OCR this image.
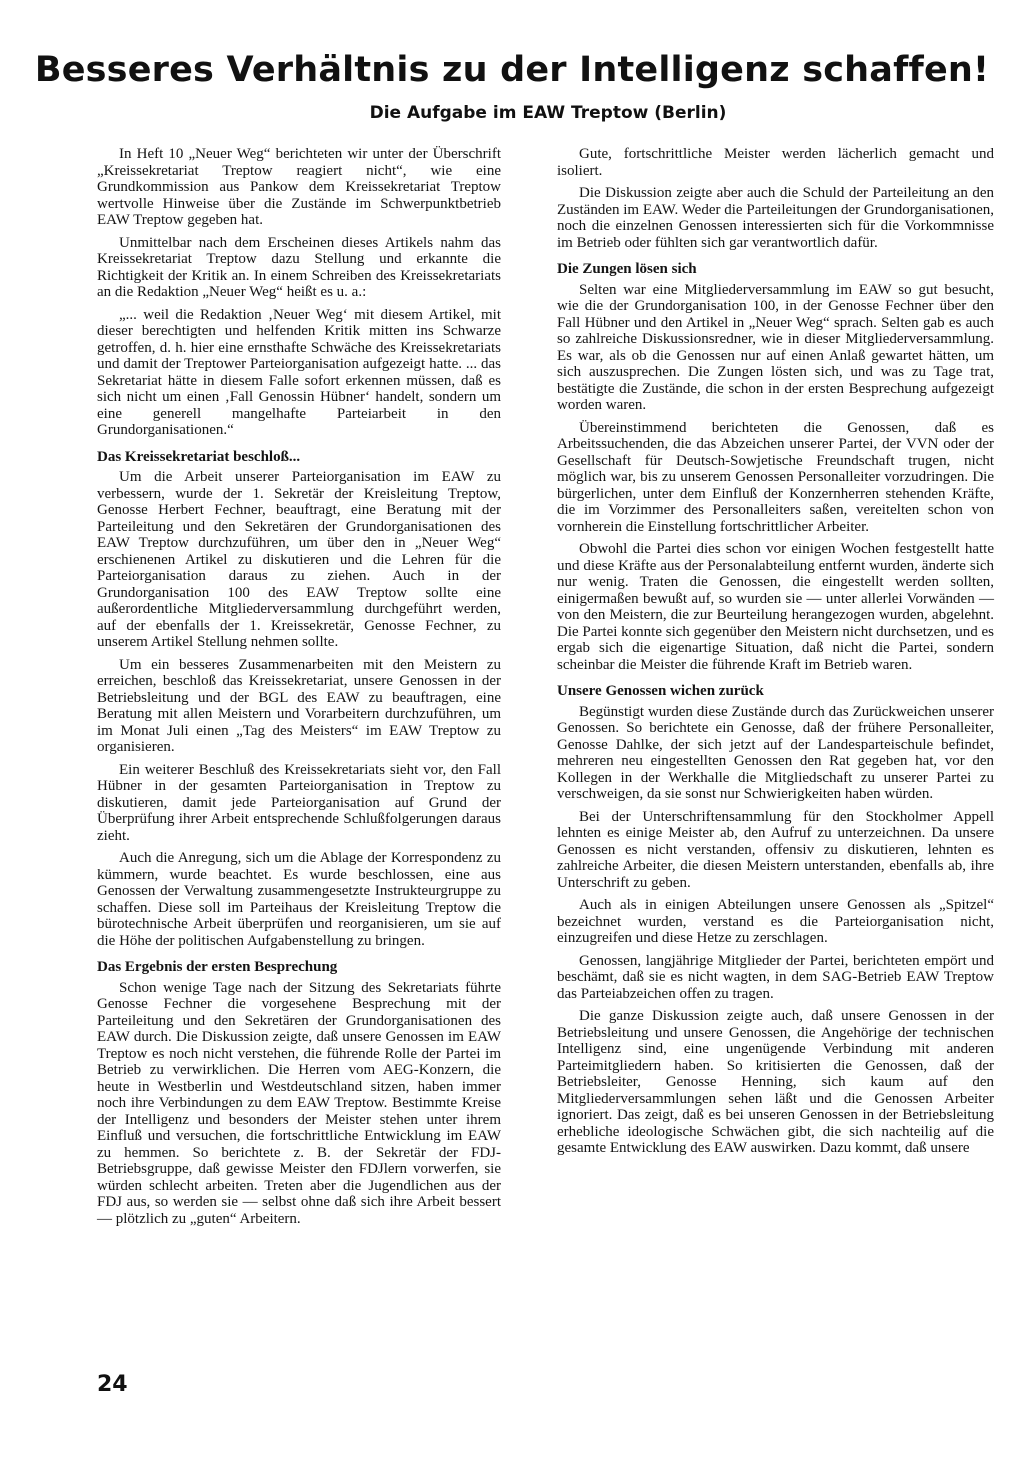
Besseres Verhältnis zu der Intelligenz schaffen!
Die Aufgabe im EAW Treptow (Berlin)

In Heft 10 „Neuer Weg“ berichteten wir unter der Überschrift „Kreissekretariat Treptow reagiert nicht“, wie eine Grundkommission aus Pankow dem Kreissekretariat Treptow wertvolle Hinweise über die Zustände im Schwerpunktbetrieb EAW Treptow gegeben hat.

Unmittelbar nach dem Erscheinen dieses Artikels nahm das Kreissekretariat Treptow dazu Stellung und erkannte die Richtigkeit der Kritik an. In einem Schreiben des Kreissekretariats an die Redaktion „Neuer Weg“ heißt es u. a.:

„... weil die Redaktion ‚Neuer Weg‘ mit diesem Artikel, mit dieser berechtigten und helfenden Kritik mitten ins Schwarze getroffen, d. h. hier eine ernsthafte Schwäche des Kreissekretariats und damit der Treptower Parteiorganisation aufgezeigt hatte. ... das Sekretariat hätte in diesem Falle sofort erkennen müssen, daß es sich nicht um einen ‚Fall Genossin Hübner‘ handelt, sondern um eine generell mangelhafte Parteiarbeit in den Grundorganisationen.“

Das Kreissekretariat beschloß...

Um die Arbeit unserer Parteiorganisation im EAW zu verbessern, wurde der 1. Sekretär der Kreisleitung Treptow, Genosse Herbert Fechner, beauftragt, eine Beratung mit der Parteileitung und den Sekretären der Grundorganisationen des EAW Treptow durchzuführen, um über den in „Neuer Weg“ erschienenen Artikel zu diskutieren und die Lehren für die Parteiorganisation daraus zu ziehen. Auch in der Grundorganisation 100 des EAW Treptow sollte eine außerordentliche Mitgliederversammlung durchgeführt werden, auf der ebenfalls der 1. Kreissekretär, Genosse Fechner, zu unserem Artikel Stellung nehmen sollte.

Um ein besseres Zusammenarbeiten mit den Meistern zu erreichen, beschloß das Kreissekretariat, unsere Genossen in der Betriebsleitung und der BGL des EAW zu beauftragen, eine Beratung mit allen Meistern und Vorarbeitern durchzuführen, um im Monat Juli einen „Tag des Meisters“ im EAW Treptow zu organisieren.

Ein weiterer Beschluß des Kreissekretariats sieht vor, den Fall Hübner in der gesamten Parteiorganisation in Treptow zu diskutieren, damit jede Parteiorganisation auf Grund der Überprüfung ihrer Arbeit entsprechende Schlußfolgerungen daraus zieht.

Auch die Anregung, sich um die Ablage der Korrespondenz zu kümmern, wurde beachtet. Es wurde beschlossen, eine aus Genossen der Verwaltung zusammengesetzte Instrukteurgruppe zu schaffen. Diese soll im Parteihaus der Kreisleitung Treptow die bürotechnische Arbeit überprüfen und reorganisieren, um sie auf die Höhe der politischen Aufgabenstellung zu bringen.

Das Ergebnis der ersten Besprechung

Schon wenige Tage nach der Sitzung des Sekretariats führte Genosse Fechner die vorgesehene Besprechung mit der Parteileitung und den Sekretären der Grundorganisationen des EAW durch. Die Diskussion zeigte, daß unsere Genossen im EAW Treptow es noch nicht verstehen, die führende Rolle der Partei im Betrieb zu verwirklichen. Die Herren vom AEG-Konzern, die heute in Westberlin und Westdeutschland sitzen, haben immer noch ihre Verbindungen zu dem EAW Treptow. Bestimmte Kreise der Intelligenz und besonders der Meister stehen unter ihrem Einfluß und versuchen, die fortschrittliche Entwicklung im EAW zu hemmen. So berichtete z. B. der Sekretär der FDJ-Betriebsgruppe, daß gewisse Meister den FDJlern vorwerfen, sie würden schlecht arbeiten. Treten aber die Jugendlichen aus der FDJ aus, so werden sie — selbst ohne daß sich ihre Arbeit bessert — plötzlich zu „guten“ Arbeitern.

Gute, fortschrittliche Meister werden lächerlich gemacht und isoliert.

Die Diskussion zeigte aber auch die Schuld der Parteileitung an den Zuständen im EAW. Weder die Parteileitungen der Grundorganisationen, noch die einzelnen Genossen interessierten sich für die Vorkommnisse im Betrieb oder fühlten sich gar verantwortlich dafür.

Die Zungen lösen sich

Selten war eine Mitgliederversammlung im EAW so gut besucht, wie die der Grundorganisation 100, in der Genosse Fechner über den Fall Hübner und den Artikel in „Neuer Weg“ sprach. Selten gab es auch so zahlreiche Diskussionsredner, wie in dieser Mitgliederversammlung. Es war, als ob die Genossen nur auf einen Anlaß gewartet hätten, um sich auszusprechen. Die Zungen lösten sich, und was zu Tage trat, bestätigte die Zustände, die schon in der ersten Besprechung aufgezeigt worden waren.

Übereinstimmend berichteten die Genossen, daß es Arbeitssuchenden, die das Abzeichen unserer Partei, der VVN oder der Gesellschaft für Deutsch-Sowjetische Freundschaft trugen, nicht möglich war, bis zu unserem Genossen Personalleiter vorzudringen. Die bürgerlichen, unter dem Einfluß der Konzernherren stehenden Kräfte, die im Vorzimmer des Personalleiters saßen, vereitelten schon von vornherein die Einstellung fortschrittlicher Arbeiter.

Obwohl die Partei dies schon vor einigen Wochen festgestellt hatte und diese Kräfte aus der Personalabteilung entfernt wurden, änderte sich nur wenig. Traten die Genossen, die eingestellt werden sollten, einigermaßen bewußt auf, so wurden sie — unter allerlei Vorwänden — von den Meistern, die zur Beurteilung herangezogen wurden, abgelehnt. Die Partei konnte sich gegenüber den Meistern nicht durchsetzen, und es ergab sich die eigenartige Situation, daß nicht die Partei, sondern scheinbar die Meister die führende Kraft im Betrieb waren.

Unsere Genossen wichen zurück

Begünstigt wurden diese Zustände durch das Zurückweichen unserer Genossen. So berichtete ein Genosse, daß der frühere Personalleiter, Genosse Dahlke, der sich jetzt auf der Landesparteischule befindet, mehreren neu eingestellten Genossen den Rat gegeben hat, vor den Kollegen in der Werkhalle die Mitgliedschaft zu unserer Partei zu verschweigen, da sie sonst nur Schwierigkeiten haben würden.

Bei der Unterschriftensammlung für den Stockholmer Appell lehnten es einige Meister ab, den Aufruf zu unterzeichnen. Da unsere Genossen es nicht verstanden, offensiv zu diskutieren, lehnten es zahlreiche Arbeiter, die diesen Meistern unterstanden, ebenfalls ab, ihre Unterschrift zu geben.

Auch als in einigen Abteilungen unsere Genossen als „Spitzel“ bezeichnet wurden, verstand es die Parteiorganisation nicht, einzugreifen und diese Hetze zu zerschlagen.

Genossen, langjährige Mitglieder der Partei, berichteten empört und beschämt, daß sie es nicht wagten, in dem SAG-Betrieb EAW Treptow das Parteiabzeichen offen zu tragen.

Die ganze Diskussion zeigte auch, daß unsere Genossen in der Betriebsleitung und unsere Genossen, die Angehörige der technischen Intelligenz sind, eine ungenügende Verbindung mit anderen Parteimitgliedern haben. So kritisierten die Genossen, daß der Betriebsleiter, Genosse Henning, sich kaum auf den Mitgliederversammlungen sehen läßt und die Genossen Arbeiter ignoriert. Das zeigt, daß es bei unseren Genossen in der Betriebsleitung erhebliche ideologische Schwächen gibt, die sich nachteilig auf die gesamte Entwicklung des EAW auswirken. Dazu kommt, daß unsere

24
